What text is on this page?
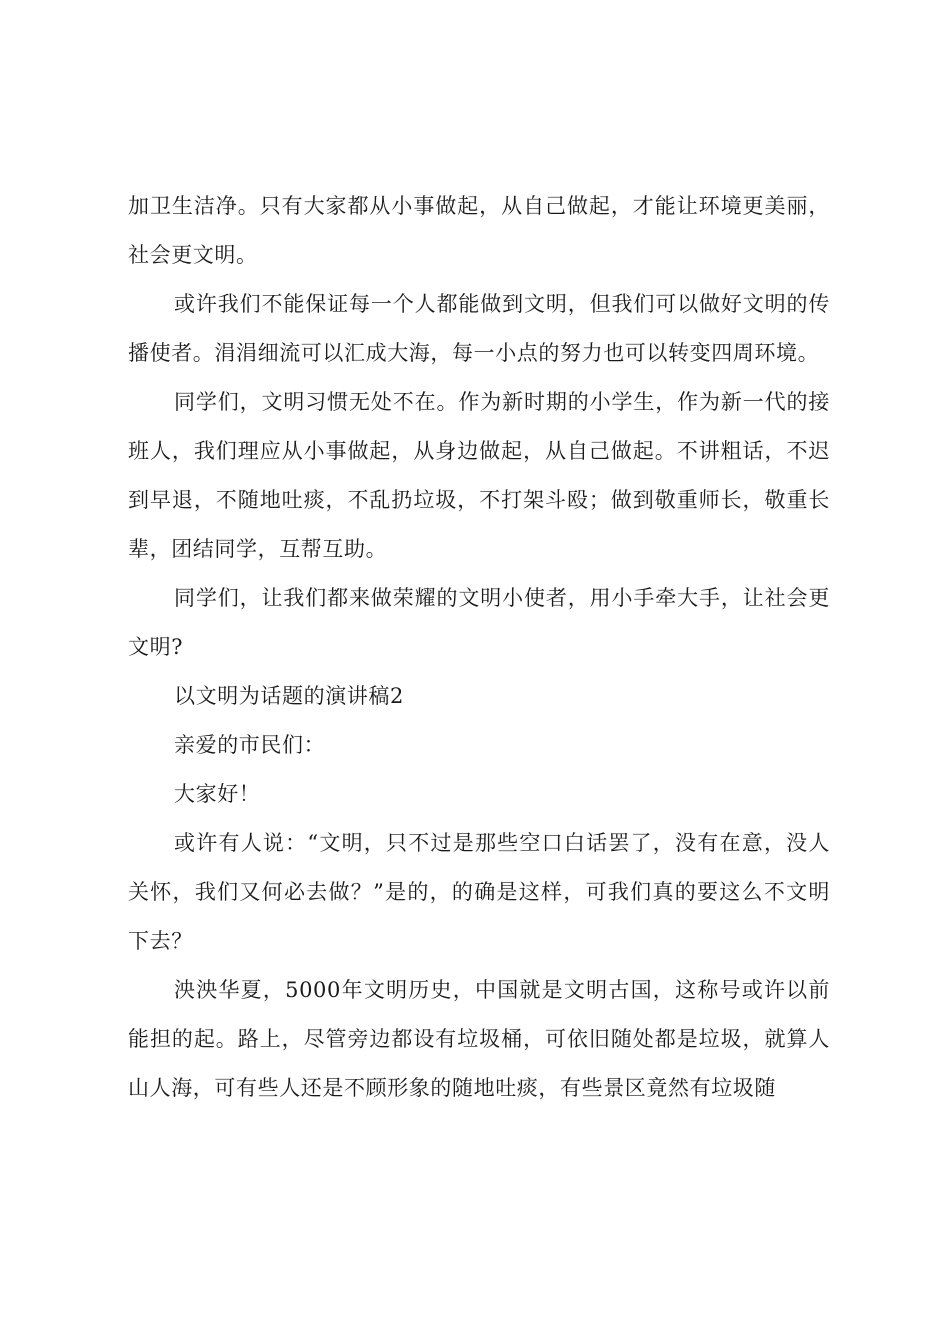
加卫生洁净。只有大家都从小事做起，从自己做起，才能让环境更美丽，社会更文明。

或许我们不能保证每一个人都能做到文明，但我们可以做好文明的传播使者。涓涓细流可以汇成大海，每一小点的努力也可以转变四周环境。

同学们，文明习惯无处不在。作为新时期的小学生，作为新一代的接班人，我们理应从小事做起，从身边做起，从自己做起。不讲粗话，不迟到早退，不随地吐痰，不乱扔垃圾，不打架斗殴；做到敬重师长，敬重长辈，团结同学，互帮互助。

同学们，让我们都来做荣耀的文明小使者，用小手牵大手，让社会更文明?

以文明为话题的演讲稿2

亲爱的市民们：

大家好！

或许有人说：“文明，只不过是那些空口白话罢了，没有在意，没人关怀，我们又何必去做？”是的，的确是这样，可我们真的要这么不文明下去？

泱泱华夏，5000年文明历史，中国就是文明古国，这称号或许以前能担的起。路上，尽管旁边都设有垃圾桶，可依旧随处都是垃圾，就算人山人海，可有些人还是不顾形象的随地吐痰，有些景区竟然有垃圾随
